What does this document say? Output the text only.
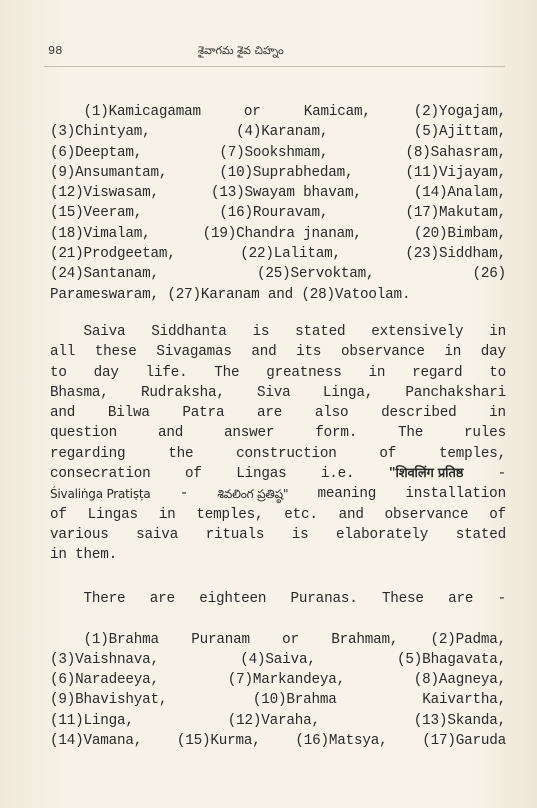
98	శైవాగమ శైవ చిహ్నం
(1)Kamicagamam	or	Kamicam,	(2)Yogajam,
(3)Chintyam,	(4)Karanam,	(5)Ajittam,
(6)Deeptam,	(7)Sookshmam,	(8)Sahasram,
(9)Ansumantam,	(10)Suprabhedam,	(11)Vijayam,
(12)Viswasam,	(13)Swayam bhavam,	(14)Analam,
(15)Veeram,	(16)Rouravam,	(17)Makutam,
(18)Vimalam,	(19)Chandra jnanam,	(20)Bimbam,
(21)Prodgeetam,	(22)Lalitam,	(23)Siddham,
(24)Santanam,	(25)Servoktam,	(26)
Parameswaram, (27)Karanam and (28)Vatoolam.
Saiva Siddhanta is stated extensively in
all these Sivagamas and its observance in day
to day life. The greatness in regard to
Bhasma, Rudraksha, Siva Linga, Panchakshari
and Bilwa Patra are also described in
question	and	answer	form.	The	rules
regarding	the	construction	of	temples,
consecration of Lingas i.e.	"शिवलिंग प्रतिष्ठ -
Śivaliṅga Pratiṣṭa - శివలింగ ప్రతిష్ఠ" meaning installation
of Lingas in temples, etc. and observance of
various saiva rituals is elaborately stated
in them.
There are eighteen Puranas. These are -

(1)Brahma Puranam or Brahmam, (2)Padma,
(3)Vaishnava,	(4)Saiva,	(5)Bhagavata,
(6)Naradeeya,	(7)Markandeya,	(8)Aagneya,
(9)Bhavishyat,	(10)Brahma	Kaivartha,
(11)Linga,	(12)Varaha,	(13)Skanda,
(14)Vamana, (15)Kurma, (16)Matsya, (17)Garuda
